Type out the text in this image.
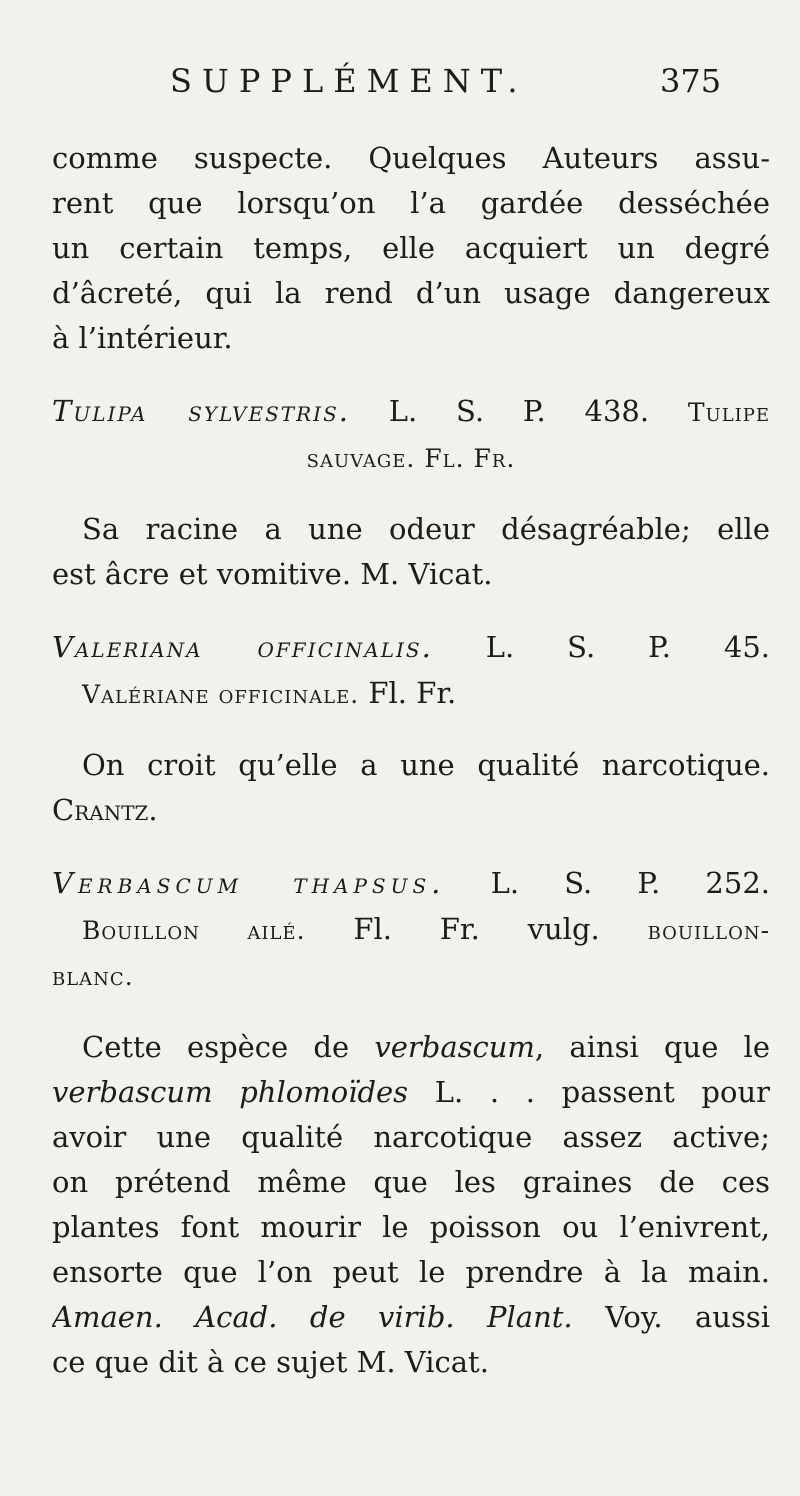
SUPPLÉMENT.	375
comme suspecte. Quelques Auteurs assu-
rent que lorsqu’on l’a gardée desséchée
un certain temps, elle acquiert un degré
d’âcreté, qui la rend d’un usage dangereux
à l’intérieur.
Tulipa sylvestris. L. S. P. 438. Tulipe
sauvage. Fl. Fr.
Sa racine a une odeur désagréable; elle
est âcre et vomitive. M. Vicat.
Valeriana officinalis. L. S. P. 45.
Valériane officinale. Fl. Fr.
On croit qu’elle a une qualité narcotique.
Crantz.
Verbascum thapsus. L. S. P. 252.
Bouillon ailé. Fl. Fr. vulg. bouillon-
blanc.
Cette espèce de verbascum, ainsi que le
verbascum phlomoïdes L. . . passent pour
avoir une qualité narcotique assez active;
on prétend même que les graines de ces
plantes font mourir le poisson ou l’enivrent,
ensorte que l’on peut le prendre à la main.
Amaen. Acad. de virib. Plant. Voy. aussi
ce que dit à ce sujet M. Vicat.
